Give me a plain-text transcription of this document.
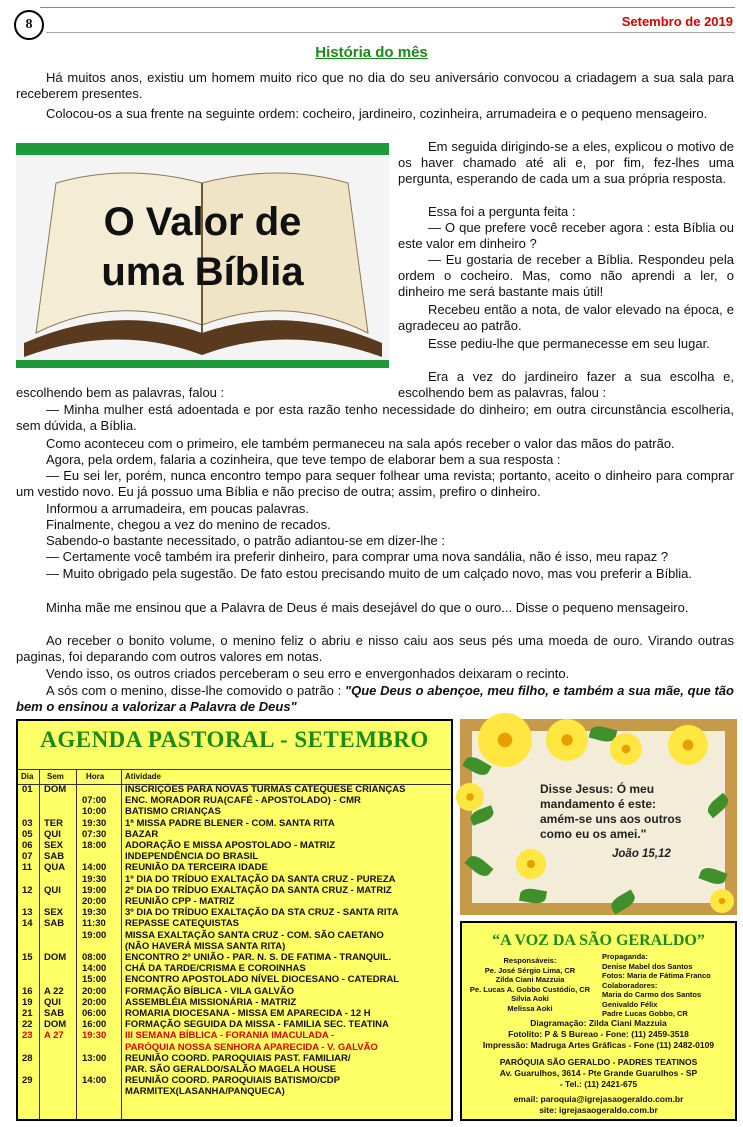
8	Setembro de 2019
História do mês
Há muitos anos, existiu um homem muito rico que no dia do seu aniversário convocou a criadagem a sua sala para receberem presentes.
Colocou-os a sua frente na seguinte ordem: cocheiro, jardineiro, cozinheira, arrumadeira e o pequeno mensageiro.
O Valor de
uma Bíblia
Em seguida dirigindo-se a eles, explicou o motivo de os haver chamado até ali e, por fim, fez-lhes uma pergunta, esperando de cada um a sua própria resposta.
Essa foi a pergunta feita :
— O que prefere você receber agora : esta Bíblia ou este valor em dinheiro ?
— Eu gostaria de receber a Bíblia. Respondeu pela ordem o cocheiro. Mas, como não aprendi a ler, o dinheiro me será bastante mais útil!
Recebeu então a nota, de valor elevado na época, e agradeceu ao patrão.
Esse pediu-lhe que permanecesse em seu lugar.
Era a vez do jardineiro fazer a sua escolha e, escolhendo bem as palavras, falou :
escolhendo bem as palavras, falou :
— Minha mulher está adoentada e por esta razão tenho necessidade do dinheiro; em outra circunstância escolheria, sem dúvida, a Bíblia.
Como aconteceu com o primeiro, ele também permaneceu na sala após receber o valor das mãos do patrão.
Agora, pela ordem, falaria a cozinheira, que teve tempo de elaborar bem a sua resposta :
— Eu sei ler, porém, nunca encontro tempo para sequer folhear uma revista; portanto, aceito o dinheiro para comprar um vestido novo. Eu já possuo uma Bíblia e não preciso de outra; assim, prefiro o dinheiro.
Informou a arrumadeira, em poucas palavras.
Finalmente, chegou a vez do menino de recados.
Sabendo-o bastante necessitado, o patrão adiantou-se em dizer-lhe :
— Certamente você também ira preferir dinheiro, para comprar uma nova sandália, não é isso, meu rapaz ?
— Muito obrigado pela sugestão. De fato estou precisando muito de um calçado novo, mas vou preferir a Bíblia.
Minha mãe me ensinou que a Palavra de Deus é mais desejável do que o ouro... Disse o pequeno mensageiro.
Ao receber o bonito volume, o menino feliz o abriu e nisso caiu aos seus pés uma moeda de ouro. Virando outras paginas, foi deparando com outros valores em notas.
Vendo isso, os outros criados perceberam o seu erro e envergonhados deixaram o recinto.
A sós com o menino, disse-lhe comovido o patrão : "Que Deus o abençoe, meu filho, e também a sua mãe, que tão bem o ensinou a valorizar a Palavra de Deus"
AGENDA PASTORAL - SETEMBRO
Dia Sem	Hora	Atividade
01 DOM	INSCRIÇÕES PARA NOVAS TURMAS CATEQUESE CRIANÇAS
07:00 ENC. MORADOR RUA(CAFÉ - APOSTOLADO) - CMR
10:00 BATISMO CRIANÇAS
03 TER 19:30 1ª MISSA PADRE BLENER - COM. SANTA RITA
05 QUI 07:30 BAZAR
06 SEX 18:00 ADORAÇÃO E MISSA APOSTOLADO - MATRIZ
07 SAB	INDEPENDÊNCIA DO BRASIL
11 QUA 14:00 REUNIÃO DA TERCEIRA IDADE
19:30 1º DIA DO TRÍDUO EXALTAÇÃO DA SANTA CRUZ - PUREZA
12 QUI 19:00 2º DIA DO TRÍDUO EXALTAÇÃO DA SANTA CRUZ - MATRIZ
20:00 REUNIÃO CPP - MATRIZ
13 SEX 19:30 3º DIA DO TRÍDUO EXALTAÇÃO DA STA CRUZ - SANTA RITA
14 SAB 11:30 REPASSE CATEQUISTAS
19:00 MISSA EXALTAÇÃO SANTA CRUZ - COM. SÃO CAETANO
(NÃO HAVERÁ MISSA SANTA RITA)
15 DOM 08:00 ENCONTRO 2º UNIÃO - PAR. N. S. DE FATIMA - TRANQUIL.
14:00 CHÁ DA TARDE/CRISMA E COROINHAS
15:00 ENCONTRO APOSTOLADO NÍVEL DIOCESANO - CATEDRAL
16 A 22 20:00 FORMAÇÃO BÍBLICA - VILA GALVÃO
19 QUI 20:00 ASSEMBLÉIA MISSIONÁRIA - MATRIZ
21 SAB 06:00 ROMARIA DIOCESANA - MISSA EM APARECIDA - 12 H
22 DOM 16:00 FORMAÇÃO SEGUIDA DA MISSA - FAMILIA SEC. TEATINA
23 A 27 19:30 III SEMANA BÍBLICA - FORANIA IMACULADA -
PARÓQUIA NOSSA SENHORA APARECIDA - V. GALVÃO
28	13:00 REUNIÃO COORD. PAROQUIAIS PAST. FAMILIAR/
PAR. SÃO GERALDO/SALÃO MAGELA HOUSE
29	14:00 REUNIÃO COORD. PAROQUIAIS BATISMO/CDP
MARMITEX(LASANHA/PANQUECA)
Disse Jesus: Ó meu
mandamento é este:
amém-se uns aos outros
como eu os amei."
João 15,12
“A VOZ DA SÃO GERALDO”
Responsáveis:
Pe. José Sérgio Lima, CR
Zilda Ciani Mazzuia
Pe. Lucas A. Gobbo Custódio, CR
Silvia Aoki
Melissa Aoki
Propaganda:
Denise Mabel dos Santos
Fotos: Maria de Fátima Franco
Colaboradores:
Maria do Carmo dos Santos
Genivaldo Félix
Padre Lucas Gobbo, CR
Diagramação: Zilda Ciani Mazzuia
Fotolito: P & S Bureao - Fone: (11) 2459-3518
Impressão: Madruga Artes Gráficas - Fone (11) 2482-0109
PARÓQUIA SÃO GERALDO - PADRES TEATINOS
Av. Guarulhos, 3614 - Pte Grande Guarulhos - SP
- Tel.: (11) 2421-675
email: paroquia@igrejasaogeraldo.com.br
site: igrejasaogeraldo.com.br
